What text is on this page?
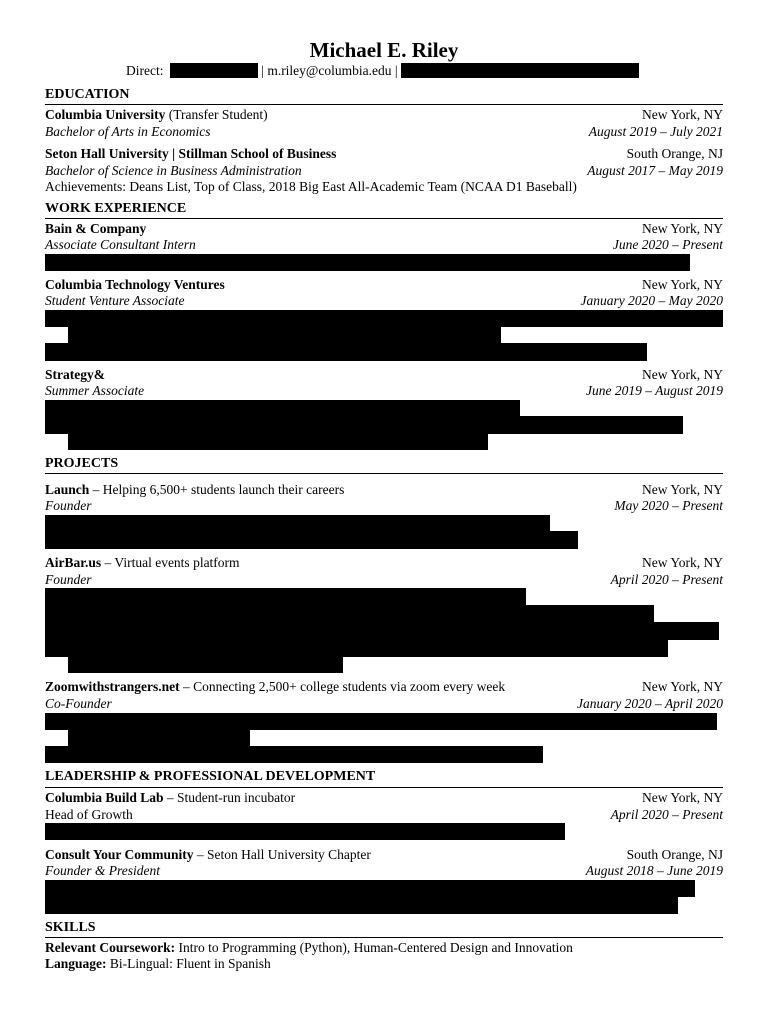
Michael E. Riley
Direct:	| m.riley@columbia.edu |
EDUCATION
Columbia University (Transfer Student)	New York, NY
Bachelor of Arts in Economics	August 2019 – July 2021
Seton Hall University | Stillman School of Business	South Orange, NJ
Bachelor of Science in Business Administration	August 2017 – May 2019
Achievements: Deans List, Top of Class, 2018 Big East All-Academic Team (NCAA D1 Baseball)
WORK EXPERIENCE
Bain & Company	New York, NY
Associate Consultant Intern	June 2020 – Present
Columbia Technology Ventures	New York, NY
Student Venture Associate	January 2020 – May 2020
Strategy&	New York, NY
Summer Associate	June 2019 – August 2019
PROJECTS
Launch – Helping 6,500+ students launch their careers	New York, NY
Founder	May 2020 – Present
AirBar.us – Virtual events platform	New York, NY
Founder	April 2020 – Present
Zoomwithstrangers.net – Connecting 2,500+ college students via zoom every week	New York, NY
Co-Founder	January 2020 – April 2020
LEADERSHIP & PROFESSIONAL DEVELOPMENT
Columbia Build Lab – Student-run incubator	New York, NY
Head of Growth	April 2020 – Present
Consult Your Community – Seton Hall University Chapter	South Orange, NJ
Founder & President	August 2018 – June 2019
SKILLS
Relevant Coursework: Intro to Programming (Python), Human-Centered Design and Innovation
Language: Bi-Lingual: Fluent in Spanish
